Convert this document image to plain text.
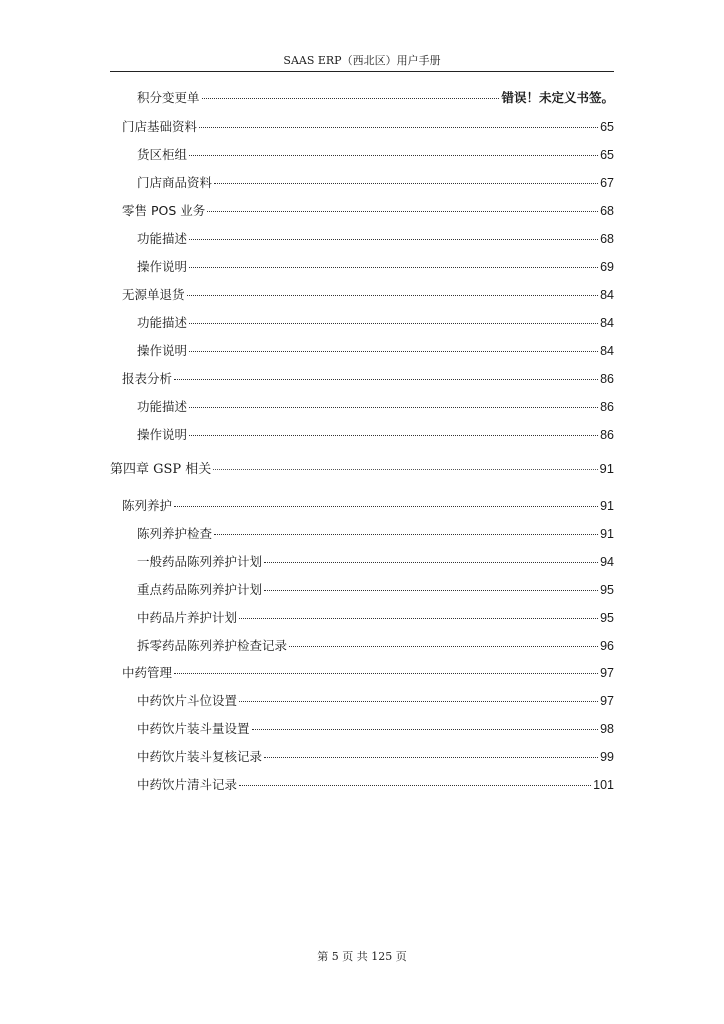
SAAS ERP（西北区）用户手册
积分变更单	错误！未定义书签。
门店基础资料	65
货区柜组	65
门店商品资料	67
零售 POS 业务	68
功能描述	68
操作说明	69
无源单退货	84
功能描述	84
操作说明	84
报表分析	86
功能描述	86
操作说明	86
第四章 GSP 相关	91
陈列养护	91
陈列养护检查	91
一般药品陈列养护计划	94
重点药品陈列养护计划	95
中药品片养护计划	95
拆零药品陈列养护检查记录	96
中药管理	97
中药饮片斗位设置	97
中药饮片装斗量设置	98
中药饮片装斗复核记录	99
中药饮片清斗记录	101
第 5 页 共 125 页
